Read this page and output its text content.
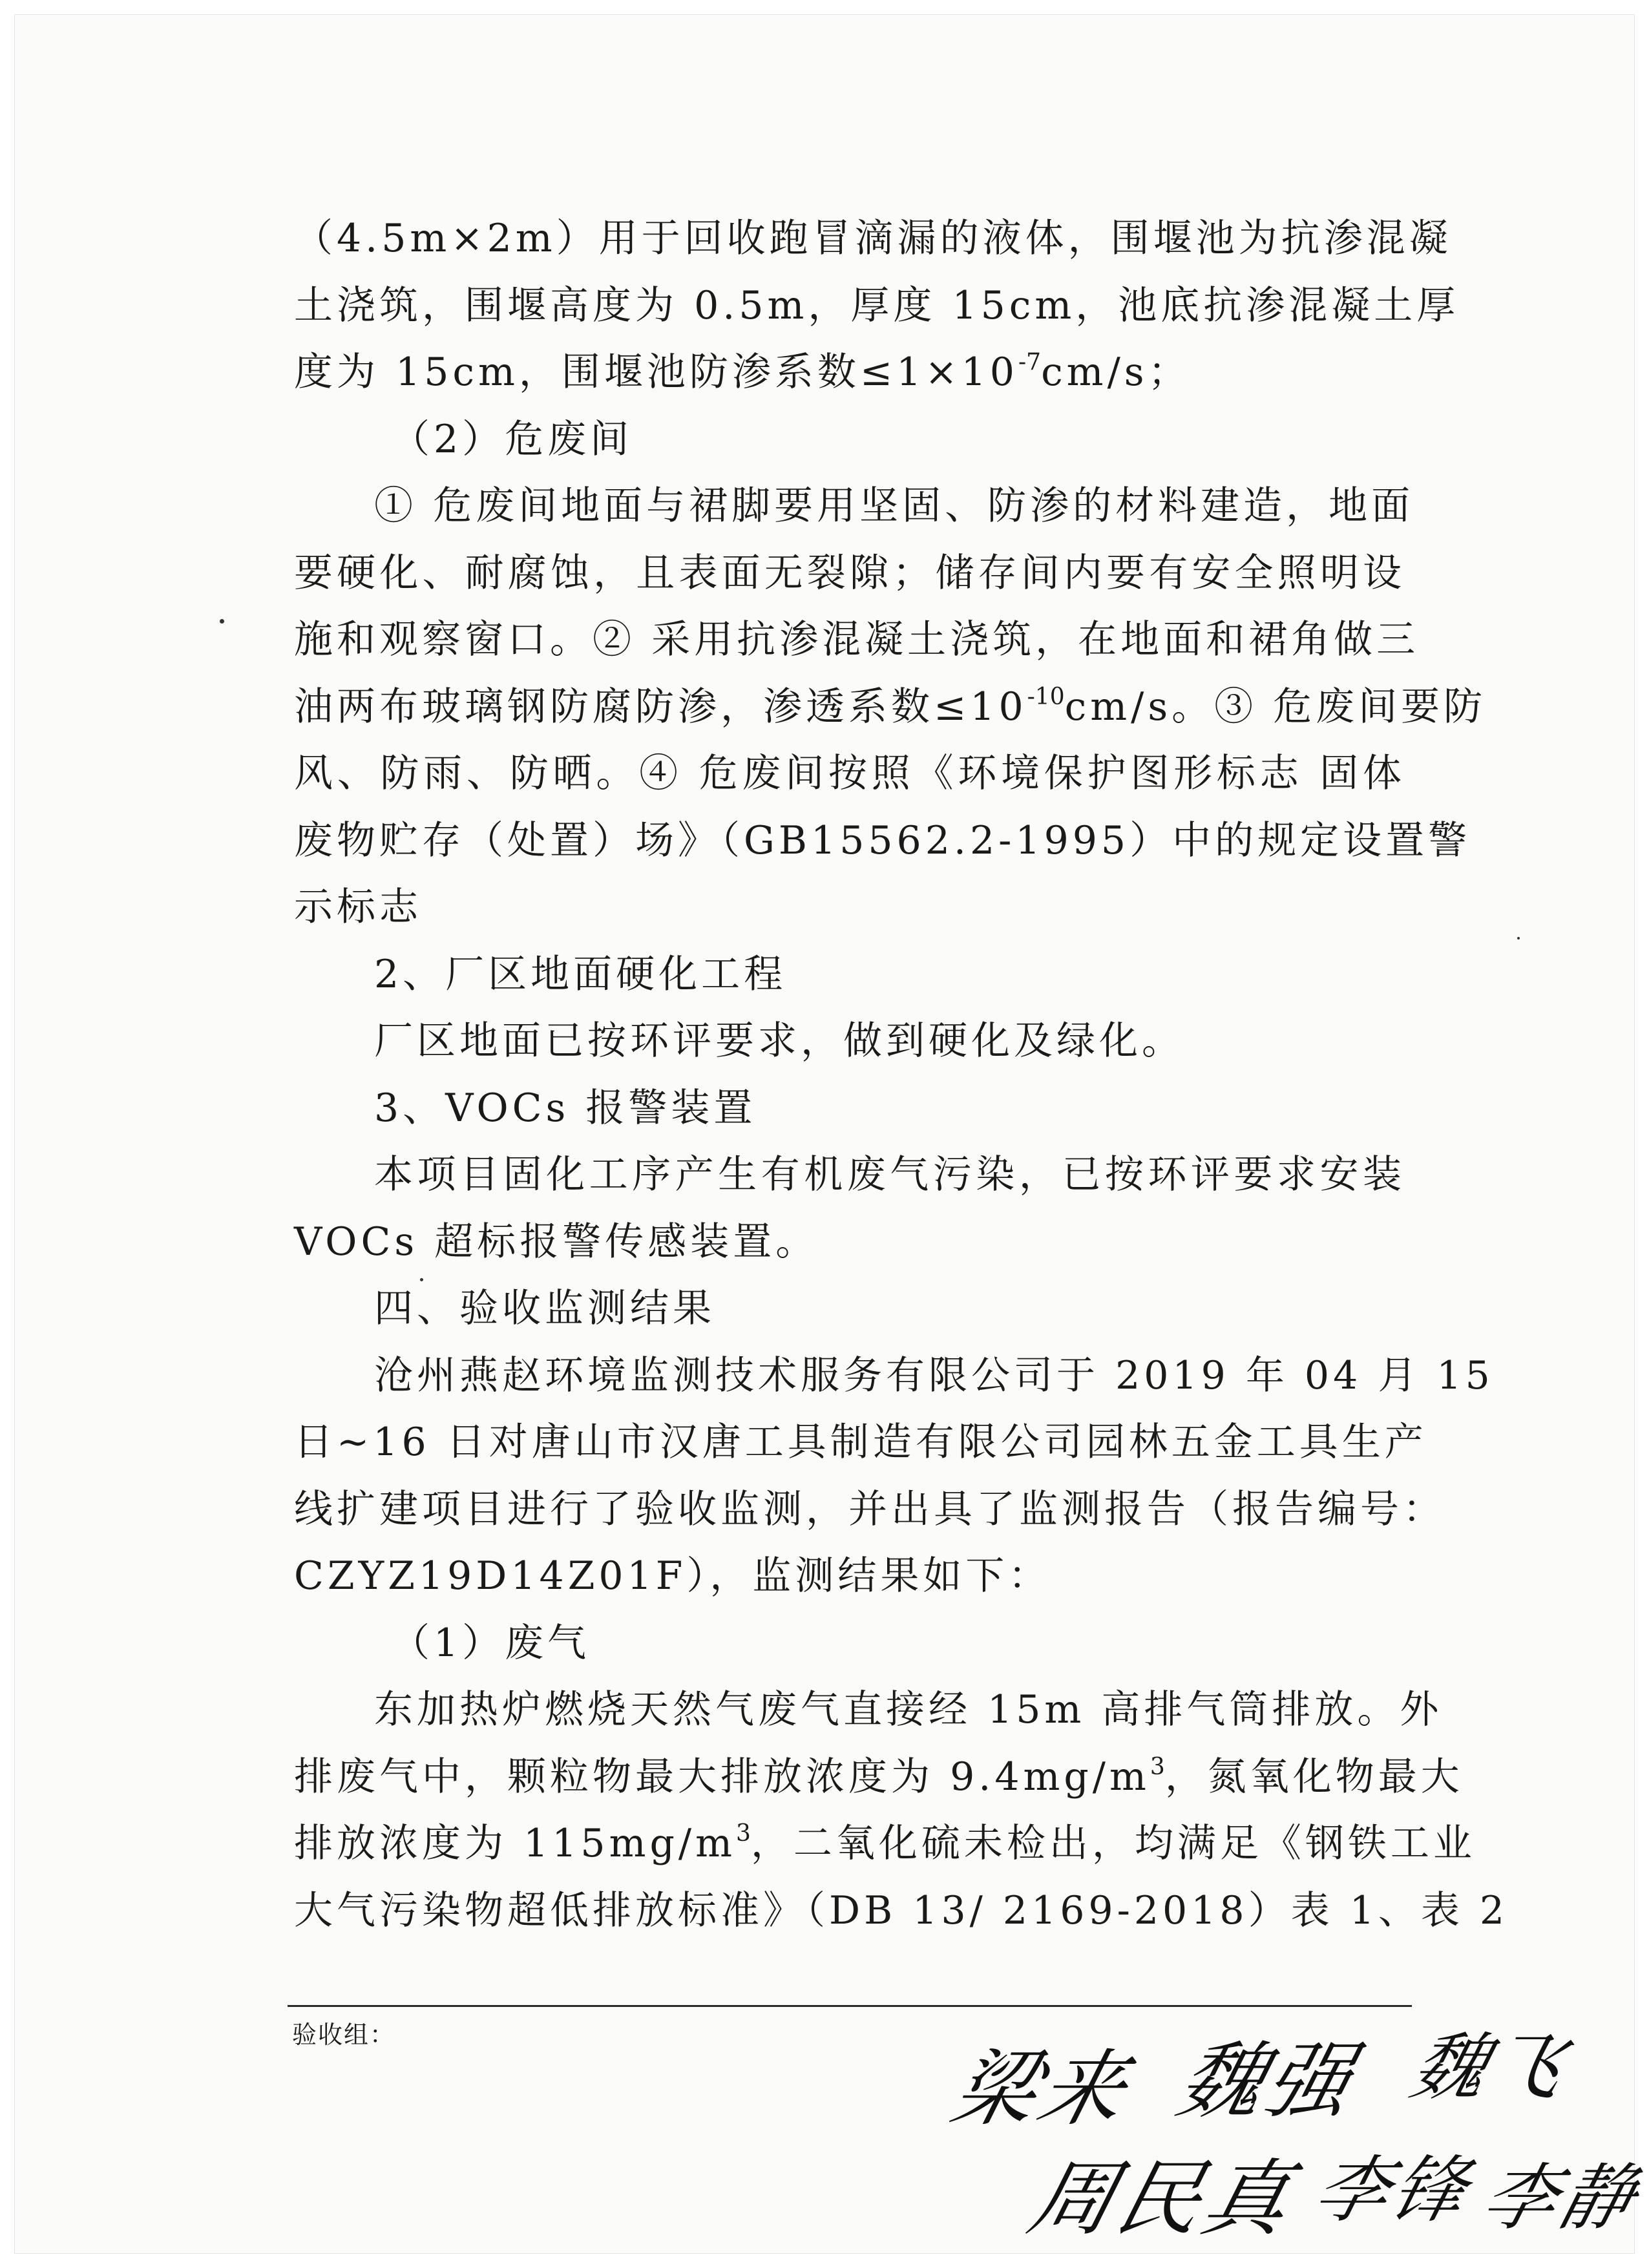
（4.5m×2m）用于回收跑冒滴漏的液体，围堰池为抗渗混凝
土浇筑，围堰高度为 0.5m，厚度 15cm，池底抗渗混凝土厚
度为 15cm，围堰池防渗系数$\le 1\times 10^{-7}cm/s$；
（2）危废间
① 危废间地面与裙脚要用坚固、防渗的材料建造，地面
要硬化、耐腐蚀，且表面无裂隙；储存间内要有安全照明设
施和观察窗口。② 采用抗渗混凝土浇筑，在地面和裙角做三
油两布玻璃钢防腐防渗，渗透系数$\le 10^{-10}cm/s$。③ 危废间要防
风、防雨、防晒。④ 危废间按照《环境保护图形标志 固体
废物贮存（处置）场》（GB15562.2-1995）中的规定设置警
示标志
2、厂区地面硬化工程
厂区地面已按环评要求，做到硬化及绿化。
3、VOCs 报警装置
本项目固化工序产生有机废气污染，已按环评要求安装
VOCs 超标报警传感装置。
四、验收监测结果
沧州燕赵环境监测技术服务有限公司于 2019 年 04 月 15
日~16 日对唐山市汉唐工具制造有限公司园林五金工具生产
线扩建项目进行了验收监测，并出具了监测报告（报告编号：
CZYZ19D14Z01F），监测结果如下：
（1）废气
东加热炉燃烧天然气废气直接经 15m 高排气筒排放。外
排废气中，颗粒物最大排放浓度为 $9.4mg/m^3$，氮氧化物最大
排放浓度为 $115mg/m^3$，二氧化硫未检出，均满足《钢铁工业
大气污染物超低排放标准》（DB 13/ 2169-2018）表 1、表 2
验收组：
梁来 魏强 魏飞
周民真 李锋
李静
